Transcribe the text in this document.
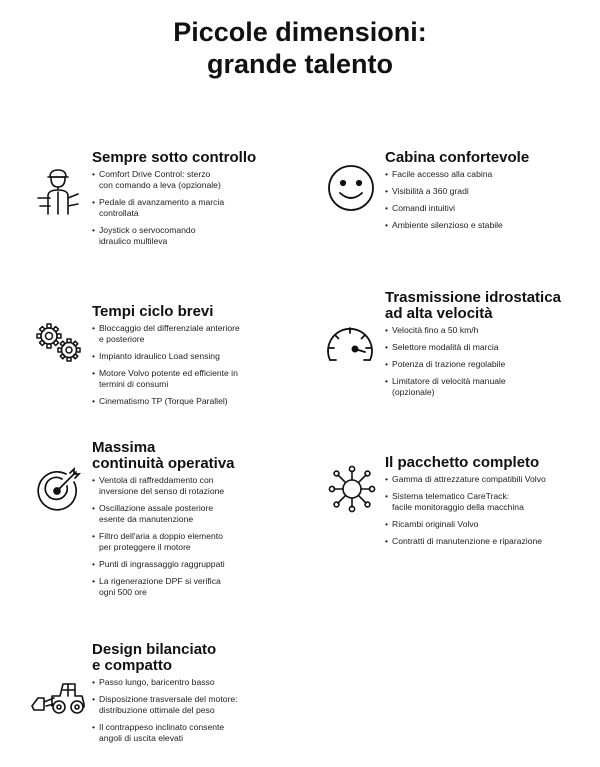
Piccole dimensioni:
grande talento
Sempre sotto controllo
• Comfort Drive Control: sterzo
con comando a leva (opzionale)
• Pedale di avanzamento a marcia
controllata
• Joystick o servocomando
idraulico multileva
Cabina confortevole
• Facile accesso alla cabina
• Visibilità a 360 gradi
• Comandi intuitivi
• Ambiente silenzioso e stabile
Tempi ciclo brevi
• Bloccaggio del differenziale anteriore
e posteriore
• Impianto idraulico Load sensing
• Motore Volvo potente ed efficiente in
termini di consumi
• Cinematismo TP (Torque Parallel)
Trasmissione idrostatica
ad alta velocità
• Velocità fino a 50 km/h
• Selettore modalità di marcia
• Potenza di trazione regolabile
• Limitatore di velocità manuale
(opzionale)
Massima
continuità operativa
• Ventola di raffreddamento con
inversione del senso di rotazione
• Oscillazione assale posteriore
esente da manutenzione
• Filtro dell'aria a doppio elemento
per proteggere il motore
• Punti di ingrassaggio raggruppati
• La rigenerazione DPF si verifica
ogni 500 ore
Il pacchetto completo
• Gamma di attrezzature compatibili Volvo
• Sistema telematico CareTrack:
facile monitoraggio della macchina
• Ricambi originali Volvo
• Contratti di manutenzione e riparazione
Design bilanciato
e compatto
• Passo lungo, baricentro basso
• Disposizione trasversale del motore:
distribuzione ottimale del peso
• Il contrappeso inclinato consente
angoli di uscita elevati
